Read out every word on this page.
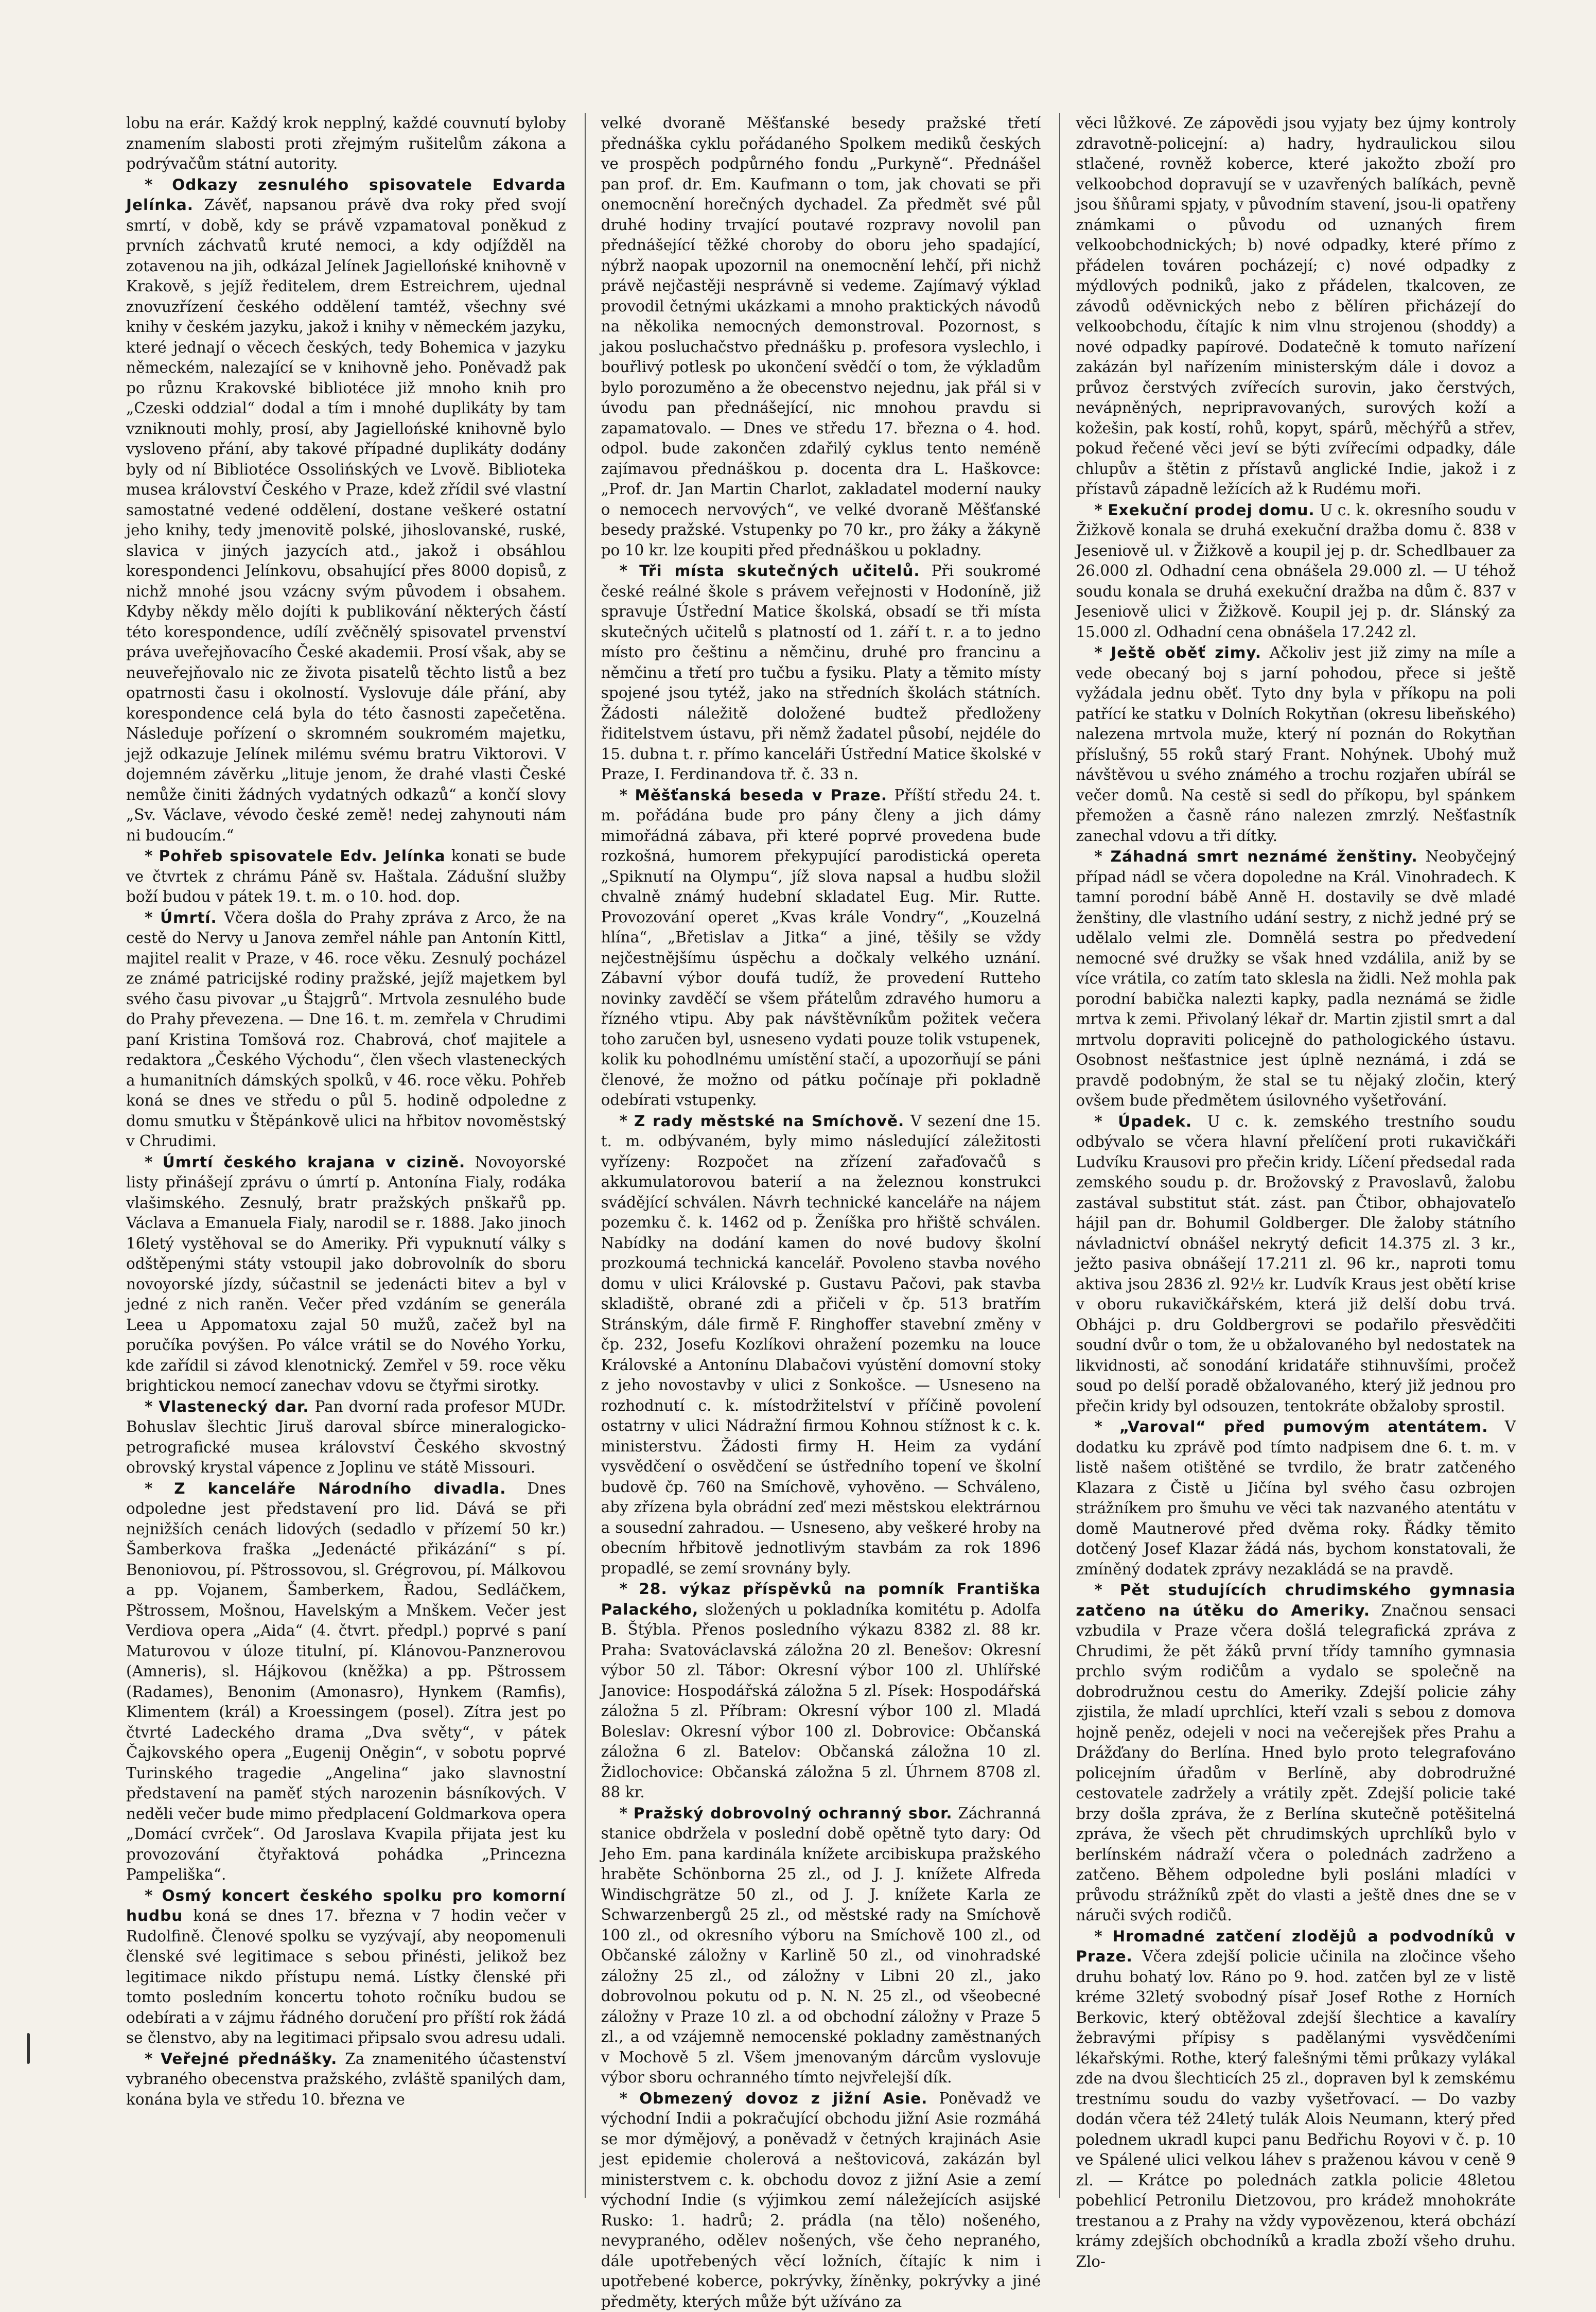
lobu na erár. Každý krok nepplný, každé couvnutí byloby znamením slabosti proti zřejmým rušitelům zákona a podrývačům státní autority.

* Odkazy zesnulého spisovatele Edvarda Jelínka. Závěť, napsanou právě dva roky před svojí smrtí, v době, kdy se právě vzpamatoval poněkud z prvních záchvatů kruté nemoci, a kdy odjížděl na zotavenou na jih, odkázal Jelínek Jagiellońské knihovně v Krakově, s jejíž ředitelem, drem Estreichrem, ujednal znovuzřízení českého oddělení tamtéž, všechny své knihy v českém jazyku, jakož i knihy v německém jazyku, které jednají o věcech českých, tedy Bohemica v jazyku německém, nalezající se v knihovně jeho. Poněvadž pak po různu Krakovské bibliotéce již mnoho knih pro „Czeski oddzial“ dodal a tím i mnohé duplikáty by tam vzniknouti mohly, prosí, aby Jagiellońské knihovně bylo vysloveno přání, aby takové případné duplikáty dodány byly od ní Bibliotéce Ossolińských ve Lvově. Biblioteka musea království Českého v Praze, kdež zřídil své vlastní samostatné vedené oddělení, dostane veškeré ostatní jeho knihy, tedy jmenovitě polské, jihoslovanské, ruské, slavica v jiných jazycích atd., jakož i obsáhlou korespondenci Jelínkovu, obsahující přes 8000 dopisů, z nichž mnohé jsou vzácny svým původem i obsahem. Kdyby někdy mělo dojíti k publikování některých částí této korespondence, udílí zvěčnělý spisovatel prvenství práva uveřejňovacího České akademii. Prosí však, aby se neuveřejňovalo nic ze života pisatelů těchto listů a bez opatrnosti času i okolností. Vyslovuje dále přání, aby korespondence celá byla do této časnosti zapečetěna. Následuje pořízení o skromném soukromém majetku, jejž odkazuje Jelínek milému svému bratru Viktorovi. V dojemném závěrku „lituje jenom, že drahé vlasti České nemůže činiti žádných vydatných odkazů“ a končí slovy „Sv. Václave, vévodo české země! nedej zahynouti nám ni budoucím.“

* Pohřeb spisovatele Edv. Jelínka konati se bude ve čtvrtek z chrámu Páně sv. Haštala. Zádušní služby boží budou v pátek 19. t. m. o 10. hod. dop.

* Úmrtí. Včera došla do Prahy zpráva z Arco, že na cestě do Nervy u Janova zemřel náhle pan Antonín Kittl, majitel realit v Praze, v 46. roce věku. Zesnulý pocházel ze známé patricijské rodiny pražské, jejíž majetkem byl svého času pivovar „u Štajgrů“. Mrtvola zesnulého bude do Prahy převezena. — Dne 16. t. m. zemřela v Chrudimi paní Kristina Tomšová roz. Chabrová, choť majitele a redaktora „Českého Východu“, člen všech vlasteneckých a humanitních dámských spolků, v 46. roce věku. Pohřeb koná se dnes ve středu o půl 5. hodině odpoledne z domu smutku v Štěpánkově ulici na hřbitov novoměstský v Chrudimi.

* Úmrtí českého krajana v cizině. Novoyorské listy přinášejí zprávu o úmrtí p. Antonína Fialy, rodáka vlašimského. Zesnulý, bratr pražských pnškařů pp. Václava a Emanuela Fialy, narodil se r. 1888. Jako jinoch 16letý vystěhoval se do Ameriky. Při vypuknutí války s odštěpenými státy vstoupil jako dobrovolník do sboru novoyorské jízdy, súčastnil se jedenácti bitev a byl v jedné z nich raněn. Večer před vzdáním se generála Leea u Appomatoxu zajal 50 mužů, začež byl na poručíka povýšen. Po válce vrátil se do Nového Yorku, kde zařídil si závod klenotnický. Zemřel v 59. roce věku brightickou nemocí zanechav vdovu se čtyřmi sirotky.

* Vlastenecký dar. Pan dvorní rada profesor MUDr. Bohuslav šlechtic Jiruš daroval sbírce mineralogicko-petrografické musea království Českého skvostný obrovský krystal vápence z Joplinu ve státě Missouri.

* Z kanceláře Národního divadla. Dnes odpoledne jest představení pro lid. Dává se při nejnižších cenách lidových (sedadlo v přízemí 50 kr.) Šamberkova fraška „Jedenácté přikázání“ s pí. Benoniovou, pí. Pštrossovou, sl. Grégrovou, pí. Málkovou a pp. Vojanem, Šamberkem, Řadou, Sedláčkem, Pštrossem, Mošnou, Havelským a Mnškem. Večer jest Verdiova opera „Aida“ (4. čtvrt. předpl.) poprvé s paní Maturovou v úloze titulní, pí. Klánovou-Panznerovou (Amneris), sl. Hájkovou (kněžka) a pp. Pštrossem (Radames), Benonim (Amonasro), Hynkem (Ramfis), Klimentem (král) a Kroessingem (posel). Zítra jest po čtvrté Ladeckého drama „Dva světy“, v pátek Čajkovského opera „Eugenij Oněgin“, v sobotu poprvé Turinského tragedie „Angelina“ jako slavnostní představení na paměť stých narozenin básníkových. V neděli večer bude mimo předplacení Goldmarkova opera „Domácí cvrček“. Od Jaroslava Kvapila přijata jest ku provozování čtyřaktová pohádka „Princezna Pampeliška“.

* Osmý koncert českého spolku pro komorní hudbu koná se dnes 17. března v 7 hodin večer v Rudolfině. Členové spolku se vyzývají, aby neopomenuli členské své legitimace s sebou přinésti, jelikož bez legitimace nikdo přístupu nemá. Lístky členské při tomto posledním koncertu tohoto ročníku budou se odebírati a v zájmu řádného doručení pro příští rok žádá se členstvo, aby na legitimaci připsalo svou adresu udali.

* Veřejné přednášky. Za znamenitého účastenství vybraného obecenstva pražského, zvláště spanilých dam, konána byla ve středu 10. března ve

velké dvoraně Měšťanské besedy pražské třetí přednáška cyklu pořádaného Spolkem mediků českých ve prospěch podpůrného fondu „Purkyně“. Přednášel pan prof. dr. Em. Kaufmann o tom, jak chovati se při onemocnění horečných dychadel. Za předmět své půl druhé hodiny trvající poutavé rozpravy novolil pan přednášející těžké choroby do oboru jeho spadající, nýbrž naopak upozornil na onemocnění lehčí, při nichž právě nejčastěji nesprávně si vedeme. Zajímavý výklad provodil četnými ukázkami a mnoho praktických návodů na několika nemocných demonstroval. Pozornost, s jakou posluchačstvo přednášku p. profesora vyslechlo, i bouřlivý potlesk po ukončení svědčí o tom, že výkladům bylo porozuměno a že obecenstvo nejednu, jak přál si v úvodu pan přednášející, nic mnohou pravdu si zapamatovalo. — Dnes ve středu 17. března o 4. hod. odpol. bude zakončen zdařilý cyklus tento neméně zajímavou přednáškou p. docenta dra L. Haškovce: „Prof. dr. Jan Martin Charlot, zakladatel moderní nauky o nemocech nervových“, ve velké dvoraně Měšťanské besedy pražské. Vstupenky po 70 kr., pro žáky a žákyně po 10 kr. lze koupiti před přednáškou u pokladny.

* Tři místa skutečných učitelů. Při soukromé české reálné škole s právem veřejnosti v Hodoníně, již spravuje Ústřední Matice školská, obsadí se tři místa skutečných učitelů s platností od 1. září t. r. a to jedno místo pro češtinu a němčinu, druhé pro francinu a němčinu a třetí pro tučbu a fysiku. Platy a těmito místy spojené jsou tytéž, jako na středních školách státních. Žádosti náležitě doložené budtež předloženy řiditelstvem ústavu, při němž žadatel působí, nejdéle do 15. dubna t. r. přímo kanceláři Ústřední Matice školské v Praze, I. Ferdinandova tř. č. 33 n.

* Měšťanská beseda v Praze. Příští středu 24. t. m. pořádána bude pro pány členy a jich dámy mimořádná zábava, při které poprvé provedena bude rozkošná, humorem překypující parodistická opereta „Spiknutí na Olympu“, jíž slova napsal a hudbu složil chvalně známý hudební skladatel Eug. Mir. Rutte. Provozování operet „Kvas krále Vondry“, „Kouzelná hlína“, „Břetislav a Jitka“ a jiné, těšily se vždy nejčestnějšímu úspěchu a dočkaly velkého uznání. Zábavní výbor doufá tudíž, že provedení Rutteho novinky zavděčí se všem přátelům zdravého humoru a řízného vtipu. Aby pak návštěvníkům požitek večera toho zaručen byl, usneseno vydati pouze tolik vstupenek, kolik ku pohodlnému umístění stačí, a upozorňují se páni členové, že možno od pátku počínaje při pokladně odebírati vstupenky.

* Z rady městské na Smíchově. V sezení dne 15. t. m. odbývaném, byly mimo následující záležitosti vyřízeny: Rozpočet na zřízení zařaďovačů s akkumulatorovou baterií a na železnou konstrukci svádějící schválen. Návrh technické kanceláře na nájem pozemku č. k. 1462 od p. Ženíška pro hřiště schválen. Nabídky na dodání kamen do nové budovy školní prozkoumá technická kancelář. Povoleno stavba nového domu v ulici Královské p. Gustavu Pačovi, pak stavba skladiště, obrané zdi a přičeli v čp. 513 bratřím Stránským, dále firmě F. Ringhoffer stavební změny v čp. 232, Josefu Kozlíkovi ohražení pozemku na louce Královské a Antonínu Dlabačovi vyústění domovní stoky z jeho novostavby v ulici z Sonkošce. — Usneseno na rozhodnutí c. k. místodržitelství v příčině povolení ostatrny v ulici Nádražní firmou Kohnou stížnost k c. k. ministerstvu. Žádosti firmy H. Heim za vydání vysvědčení o osvědčení se ústředního topení ve školní budově čp. 760 na Smíchově, vyhověno. — Schváleno, aby zřízena byla obrádní zeď mezi městskou elektrárnou a sousední zahradou. — Usneseno, aby veškeré hroby na obecním hřbitově jednotlivým stavbám za rok 1896 propadlé, se zemí srovnány byly.

* 28. výkaz příspěvků na pomník Františka Palackého, složených u pokladníka komitétu p. Adolfa B. Štýbla. Přenos posledního výkazu 8382 zl. 88 kr. Praha: Svatováclavská záložna 20 zl. Benešov: Okresní výbor 50 zl. Tábor: Okresní výbor 100 zl. Uhlířské Janovice: Hospodářská záložna 5 zl. Písek: Hospodářská záložna 5 zl. Příbram: Okresní výbor 100 zl. Mladá Boleslav: Okresní výbor 100 zl. Dobrovice: Občanská záložna 6 zl. Batelov: Občanská záložna 10 zl. Židlochovice: Občanská záložna 5 zl. Úhrnem 8708 zl. 88 kr.

* Pražský dobrovolný ochranný sbor. Záchranná stanice obdržela v poslední době opětně tyto dary: Od Jeho Em. pana kardinála knížete arcibiskupa pražského hraběte Schönborna 25 zl., od J. J. knížete Alfreda Windischgrätze 50 zl., od J. J. knížete Karla ze Schwarzenbergů 25 zl., od městské rady na Smíchově 100 zl., od okresního výboru na Smíchově 100 zl., od Občanské záložny v Karlině 50 zl., od vinohradské záložny 25 zl., od záložny v Libni 20 zl., jako dobrovolnou pokutu od p. N. N. 25 zl., od všeobecné záložny v Praze 10 zl. a od obchodní záložny v Praze 5 zl., a od vzájemně nemocenské pokladny zaměstnaných v Mochově 5 zl. Všem jmenovaným dárcům vyslovuje výbor sboru ochranného tímto nejvřelejší dík.

* Obmezený dovoz z jižní Asie. Poněvadž ve východní Indii a pokračující obchodu jižní Asie rozmáhá se mor dýmějový, a poněvadž v četných krajinách Asie jest epidemie cholerová a neštovicová, zakázán byl ministerstvem c. k. obchodu dovoz z jižní Asie a zemí východní Indie (s výjimkou zemí náležejících asijské Rusko: 1. hadrů; 2. prádla (na tělo) nošeného, nevypraného, odělev nošených, vše čeho nepraného, dále upotřebených věcí ložních, čítajíc k nim i upotřebené koberce, pokrývky, žíněnky, pokrývky a jiné předměty, kterých může být užíváno za

věci lůžkové. Ze zápovědi jsou vyjaty bez újmy kontroly zdravotně-policejní: a) hadry, hydraulickou silou stlačené, rovněž koberce, které jakožto zboží pro velkoobchod dopravují se v uzavřených balíkách, pevně jsou šňůrami spjaty, v původním stavení, jsou-li opatřeny známkami o původu od uznaných firem velkoobchodnických; b) nové odpadky, které přímo z přádelen továren pocházejí; c) nové odpadky z mýdlových podniků, jako z přádelen, tkalcoven, ze závodů oděvnických nebo z bělíren přicházejí do velkoobchodu, čítajíc k nim vlnu strojenou (shoddy) a nové odpadky papírové. Dodatečně k tomuto nařízení zakázán byl nařízením ministerským dále i dovoz a průvoz čerstvých zvířecích surovin, jako čerstvých, nevápněných, nepripravovaných, surových koží a kožešin, pak kostí, rohů, kopyt, spárů, měchýřů a střev, pokud řečené věci jeví se býti zvířecími odpadky, dále chlupův a štětin z přístavů anglické Indie, jakož i z přístavů západně ležících až k Rudému moři.

* Exekuční prodej domu. U c. k. okresního soudu v Žižkově konala se druhá exekuční dražba domu č. 838 v Jeseniově ul. v Žižkově a koupil jej p. dr. Schedlbauer za 26.000 zl. Odhadní cena obnášela 29.000 zl. — U téhož soudu konala se druhá exekuční dražba na dům č. 837 v Jeseniově ulici v Žižkově. Koupil jej p. dr. Slánský za 15.000 zl. Odhadní cena obnášela 17.242 zl.

* Ještě oběť zimy. Ačkoliv jest již zimy na míle a vede obecaný boj s jarní pohodou, přece si ještě vyžádala jednu oběť. Tyto dny byla v příkopu na poli patřící ke statku v Dolních Rokytňan (okresu libeňského) nalezena mrtvola muže, který ní poznán do Rokytňan příslušný, 55 roků starý Frant. Nohýnek. Ubohý muž návštěvou u svého známého a trochu rozjařen ubírál se večer domů. Na cestě si sedl do příkopu, byl spánkem přemožen a časně ráno nalezen zmrzlý. Nešťastník zanechal vdovu a tři dítky.

* Záhadná smrt neznámé ženštiny. Neobyčejný případ nádl se včera dopoledne na Král. Vinohradech. K tamní porodní bábě Anně H. dostavily se dvě mladé ženštiny, dle vlastního udání sestry, z nichž jedné prý se udělalo velmi zle. Domnělá sestra po předvedení nemocné své družky se však hned vzdálila, aniž by se více vrátila, co zatím tato sklesla na židli. Než mohla pak porodní babička nalezti kapky, padla nezn‌ámá se židle mrtva k zemi. Přivolaný lékař dr. Martin zjistil smrt a dal mrtvolu dopraviti policejně do pathologického ústavu. Osobnost nešťastnice jest úplně neznámá, i zdá se pravdě podobným, že stal se tu nějaký zločin, který ovšem bude předmětem úsilovného vyšetřování.

* Úpadek. U c. k. zemského trestního soudu odbývalo se včera hlavní přelíčení proti rukavičkáři Ludvíku Krausovi pro přečin kridy. Líčení předsedal rada zemského soudu p. dr. Brožovský z Pravoslavů, žalobu zastával substitut stát. zást. pan Čtibor, obhajovateľo hájil pan dr. Bohumil Goldberger. Dle žaloby státního návladnictví obnášel nekrytý deficit 14.375 zl. 3 kr., ježto pasiva obnášejí 17.211 zl. 96 kr., naproti tomu aktiva jsou 2836 zl. 92½ kr. Ludvík Kraus jest obětí krise v oboru rukavičkářském, která již delší dobu trvá. Obhájci p. dru Goldbergrovi se podařilo přesvědčiti soudní dvůr o tom, že u obžalovaného byl nedostatek na likvidnosti, ač sonodání kridatáře stihnuvšími, pročež soud po delší poradě obžalovaného, který již jednou pro přečin kridy byl odsouzen, tentokráte obžaloby sprostil.

* „Varoval“ před pumovým atentátem. V dodatku ku zprávě pod tímto nadpisem dne 6. t. m. v listě našem otištěné se tvrdilo, že bratr zatčeného Klazara z Čistě u Jičína byl svého času ozbrojen strážníkem pro šmuhu ve věci tak nazvaného atentátu v domě Mautnerové před dvěma roky. Řádky těmito dotčený Josef Klazar žádá nás, bychom konstatovali, že zmíněný dodatek zprávy nezakládá se na pravdě.

* Pět studujících chrudimského gymnasia zatčeno na útěku do Ameriky. Značnou sensaci vzbudila v Praze včera došlá telegrafická zpráva z Chrudimi, že pět žáků první třídy tamního gymnasia prchlo svým rodičům a vydalo se společně na dobrodružnou cestu do Ameriky. Zdejší policie záhy zjistila, že mladí uprchlíci, kteří vzali s sebou z domova hojně peněz, odejeli v noci na večerejšek přes Prahu a Drážďany do Berlína. Hned bylo proto telegrafováno policejním úřadům v Berlíně, aby dobrodružné cestovatele zadržely a vrátily zpět. Zdejší policie také brzy došla zpráva, že z Berlína skutečně potěšitelná zpráva, že všech pět chrudimských uprchlíků bylo v berlínském nádraží včera o polednách zadrženo a zatčeno. Během odpoledne byli posláni mladíci v průvodu strážníků zpět do vlasti a ještě dnes dne se v náruči svých rodičů.

* Hromadné zatčení zlodějů a podvodníků v Praze. Včera zdejší policie učinila na zločince všeho druhu bohatý lov. Ráno po 9. hod. zatčen byl ze v listě kréme 32letý svobodný písař Josef Rothe z Horních Berkovic, který obtěžoval zdejší šlechtice a kavalíry žebravými přípisy s padělanými vysvědčeními lékařskými. Rothe, který falešnými těmi průkazy vylákal zde na dvou šlechticích 25 zl., dopraven byl k zemskému trestnímu soudu do vazby vyšetřovací. — Do vazby dodán včera též 24letý tulák Alois Neumann, který před polednem ukradl kupci panu Bedřichu Royovi v č. p. 10 ve Spálené ulici velkou láhev s praženou kávou v ceně 9 zl. — Krátce po polednách zatkla policie 48letou pobehlicí Petronilu Dietzovou, pro krádež mnohokráte trestanou a z Prahy na vždy vypovězenou, která obchází krámy zdejších obchodníků a kradla zboží všeho druhu. Zlo-
